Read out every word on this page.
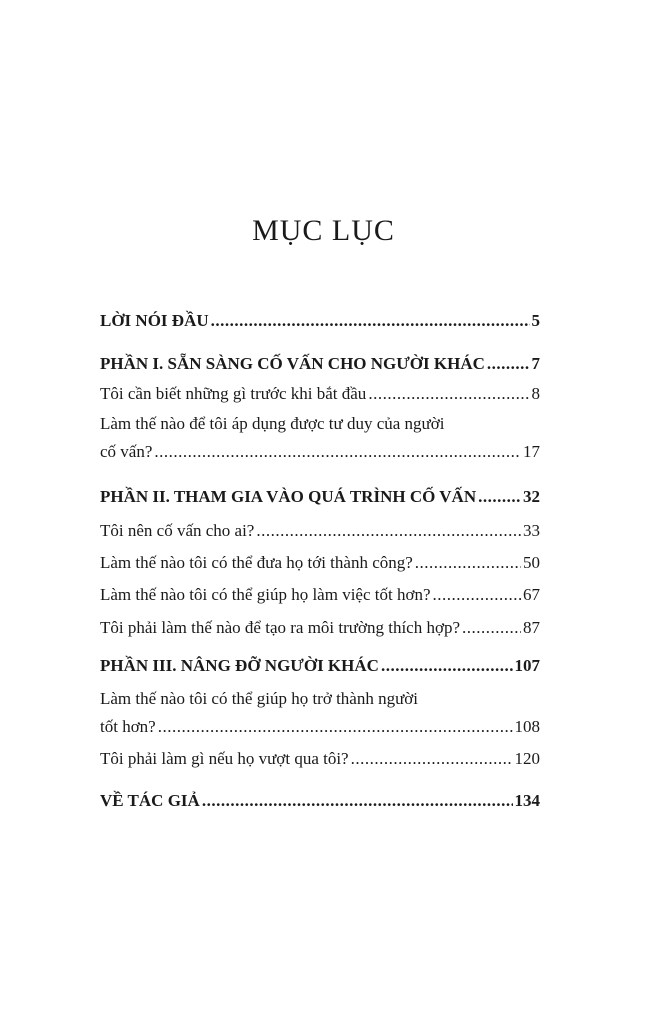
MỤC LỤC
LỜI NÓI ĐẦU .....	5
PHẦN I. SẴN SÀNG CỐ VẤN CHO NGƯỜI KHÁC .....	7
Tôi cần biết những gì trước khi bắt đầu .....	8
Làm thế nào để tôi áp dụng được tư duy của người
cố vấn? .....	17
PHẦN II. THAM GIA VÀO QUÁ TRÌNH CỐ VẤN .....	32
Tôi nên cố vấn cho ai? .....	33
Làm thế nào tôi có thể đưa họ tới thành công? .....	50
Làm thế nào tôi có thể giúp họ làm việc tốt hơn? .....	67
Tôi phải làm thế nào để tạo ra môi trường thích hợp? .....	87
PHẦN III. NÂNG ĐỠ NGƯỜI KHÁC .....	107
Làm thế nào tôi có thể giúp họ trở thành người
tốt hơn? .....	108
Tôi phải làm gì nếu họ vượt qua tôi? .....	120
VỀ TÁC GIẢ .....	134
